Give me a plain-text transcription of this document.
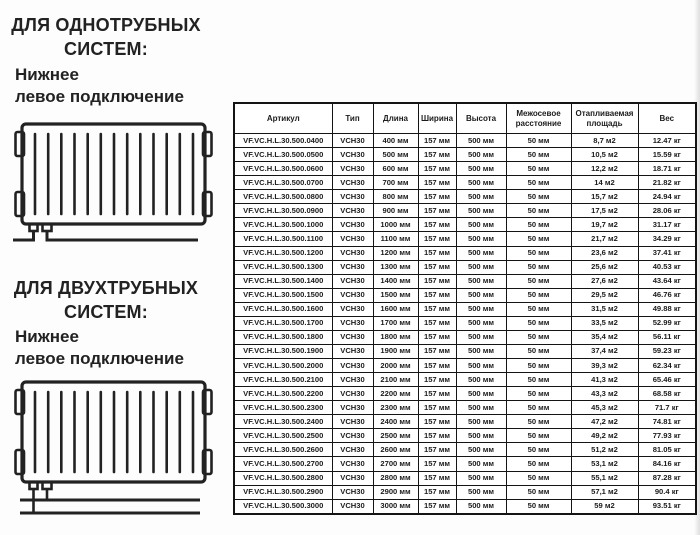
ДЛЯ ОДНОТРУБНЫХ
СИСТЕМ:
Нижнее
левое подключение
ДЛЯ ДВУХТРУБНЫХ
СИСТЕМ:
Нижнее
левое подключение
Артикул	Тип	Длина	Ширина	Высота	Межосевое расстояние	Отапливаемая площадь	Вес
VF.VC.H.L.30.500.0400	VCH30	400 мм	157 мм	500 мм	50 мм	8,7 м2	12.47 кг
VF.VC.H.L.30.500.0500	VCH30	500 мм	157 мм	500 мм	50 мм	10,5 м2	15.59 кг
VF.VC.H.L.30.500.0600	VCH30	600 мм	157 мм	500 мм	50 мм	12,2 м2	18.71 кг
VF.VC.H.L.30.500.0700	VCH30	700 мм	157 мм	500 мм	50 мм	14 м2	21.82 кг
VF.VC.H.L.30.500.0800	VCH30	800 мм	157 мм	500 мм	50 мм	15,7 м2	24.94 кг
VF.VC.H.L.30.500.0900	VCH30	900 мм	157 мм	500 мм	50 мм	17,5 м2	28.06 кг
VF.VC.H.L.30.500.1000	VCH30	1000 мм	157 мм	500 мм	50 мм	19,7 м2	31.17 кг
VF.VC.H.L.30.500.1100	VCH30	1100 мм	157 мм	500 мм	50 мм	21,7 м2	34.29 кг
VF.VC.H.L.30.500.1200	VCH30	1200 мм	157 мм	500 мм	50 мм	23,6 м2	37.41 кг
VF.VC.H.L.30.500.1300	VCH30	1300 мм	157 мм	500 мм	50 мм	25,6 м2	40.53 кг
VF.VC.H.L.30.500.1400	VCH30	1400 мм	157 мм	500 мм	50 мм	27,6 м2	43.64 кг
VF.VC.H.L.30.500.1500	VCH30	1500 мм	157 мм	500 мм	50 мм	29,5 м2	46.76 кг
VF.VC.H.L.30.500.1600	VCH30	1600 мм	157 мм	500 мм	50 мм	31,5 м2	49.88 кг
VF.VC.H.L.30.500.1700	VCH30	1700 мм	157 мм	500 мм	50 мм	33,5 м2	52.99 кг
VF.VC.H.L.30.500.1800	VCH30	1800 мм	157 мм	500 мм	50 мм	35,4 м2	56.11 кг
VF.VC.H.L.30.500.1900	VCH30	1900 мм	157 мм	500 мм	50 мм	37,4 м2	59.23 кг
VF.VC.H.L.30.500.2000	VCH30	2000 мм	157 мм	500 мм	50 мм	39,3 м2	62.34 кг
VF.VC.H.L.30.500.2100	VCH30	2100 мм	157 мм	500 мм	50 мм	41,3 м2	65.46 кг
VF.VC.H.L.30.500.2200	VCH30	2200 мм	157 мм	500 мм	50 мм	43,3 м2	68.58 кг
VF.VC.H.L.30.500.2300	VCH30	2300 мм	157 мм	500 мм	50 мм	45,3 м2	71.7 кг
VF.VC.H.L.30.500.2400	VCH30	2400 мм	157 мм	500 мм	50 мм	47,2 м2	74.81 кг
VF.VC.H.L.30.500.2500	VCH30	2500 мм	157 мм	500 мм	50 мм	49,2 м2	77.93 кг
VF.VC.H.L.30.500.2600	VCH30	2600 мм	157 мм	500 мм	50 мм	51,2 м2	81.05 кг
VF.VC.H.L.30.500.2700	VCH30	2700 мм	157 мм	500 мм	50 мм	53,1 м2	84.16 кг
VF.VC.H.L.30.500.2800	VCH30	2800 мм	157 мм	500 мм	50 мм	55,1 м2	87.28 кг
VF.VC.H.L.30.500.2900	VCH30	2900 мм	157 мм	500 мм	50 мм	57,1 м2	90.4 кг
VF.VC.H.L.30.500.3000	VCH30	3000 мм	157 мм	500 мм	50 мм	59 м2	93.51 кг
